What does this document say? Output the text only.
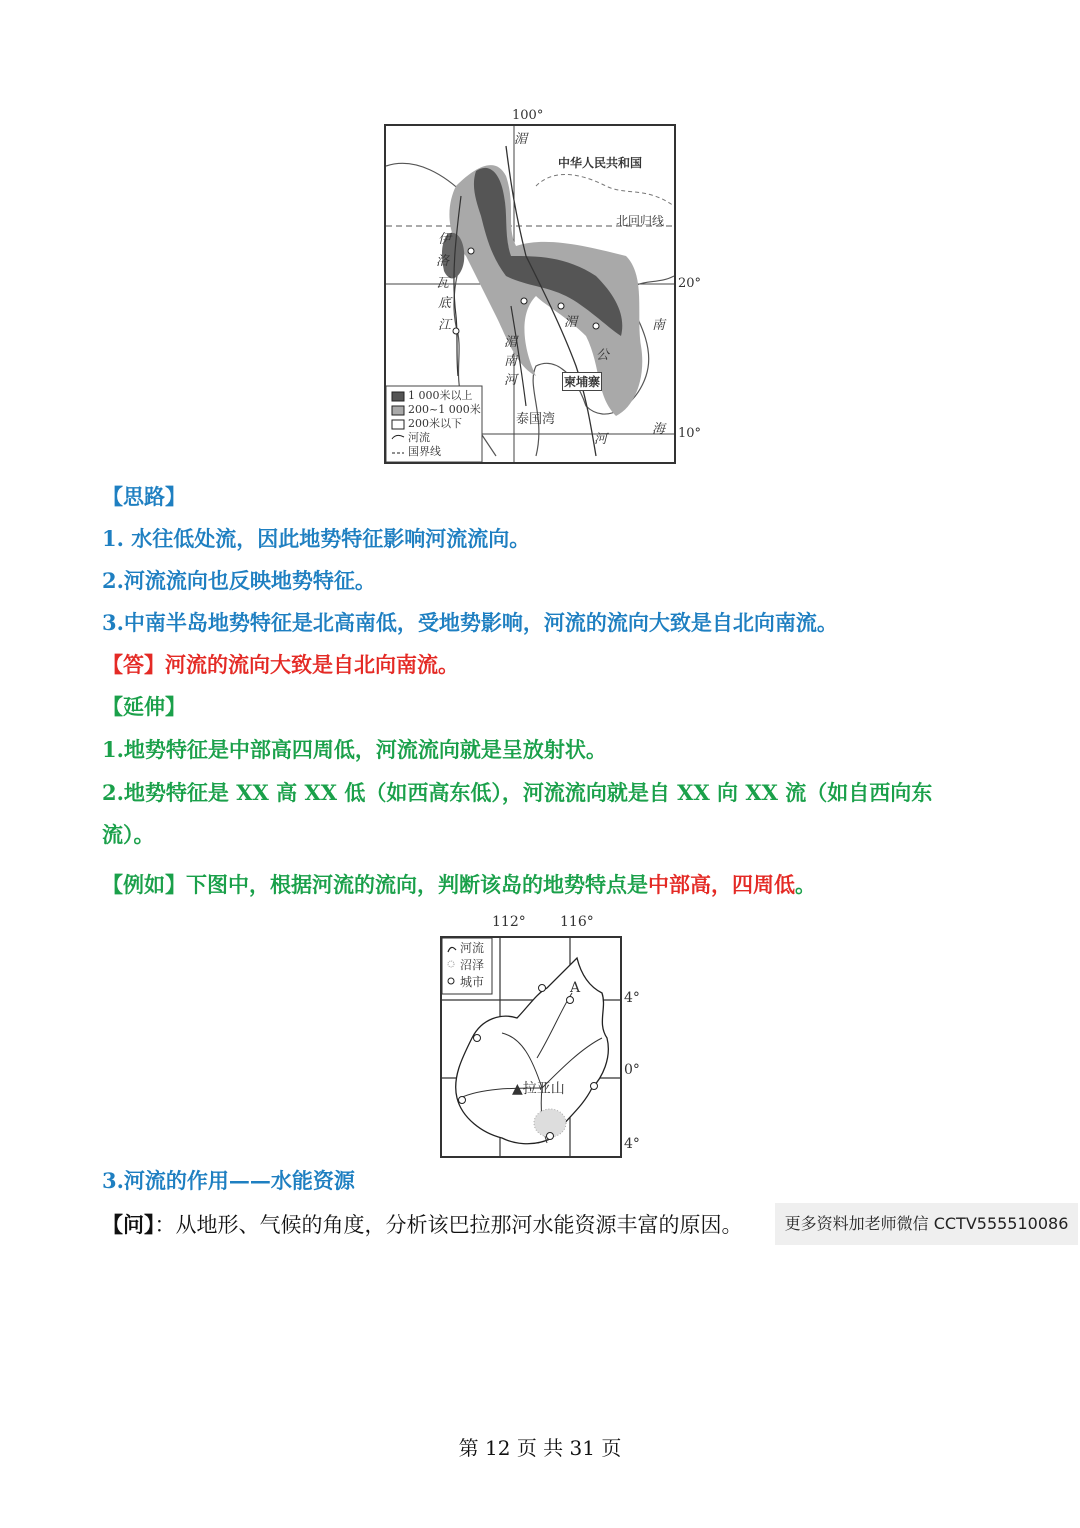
100°
中华人民共和国
北回归线
20°
10°
湄
公
河
伊
洛
瓦
底
江
湄
南
河
湄
南
海
柬埔寨
泰国湾
1 000米以上
200~1 000米
200米以下
河流
国界线
【思路】
1. 水往低处流，因此地势特征影响河流流向。
2.河流流向也反映地势特征。
3.中南半岛地势特征是北高南低，受地势影响，河流的流向大致是自北向南流。
【答】河流的流向大致是自北向南流。
【延伸】
1.地势特征是中部高四周低，河流流向就是呈放射状。
2.地势特征是 XX 高 XX 低（如西高东低），河流流向就是自 XX 向 XX 流（如自西向东
流）。
【例如】下图中，根据河流的流向，判断该岛的地势特点是中部高，四周低。
112° 116°
河流
沼泽
城市	A
▲拉亚山
4°
0°
4°
3.河流的作用——水能资源
【问】：从地形、气候的角度，分析该巴拉那河水能资源丰富的原因。	更多资料加老师微信 CCTV555510086
第 12 页 共 31 页
